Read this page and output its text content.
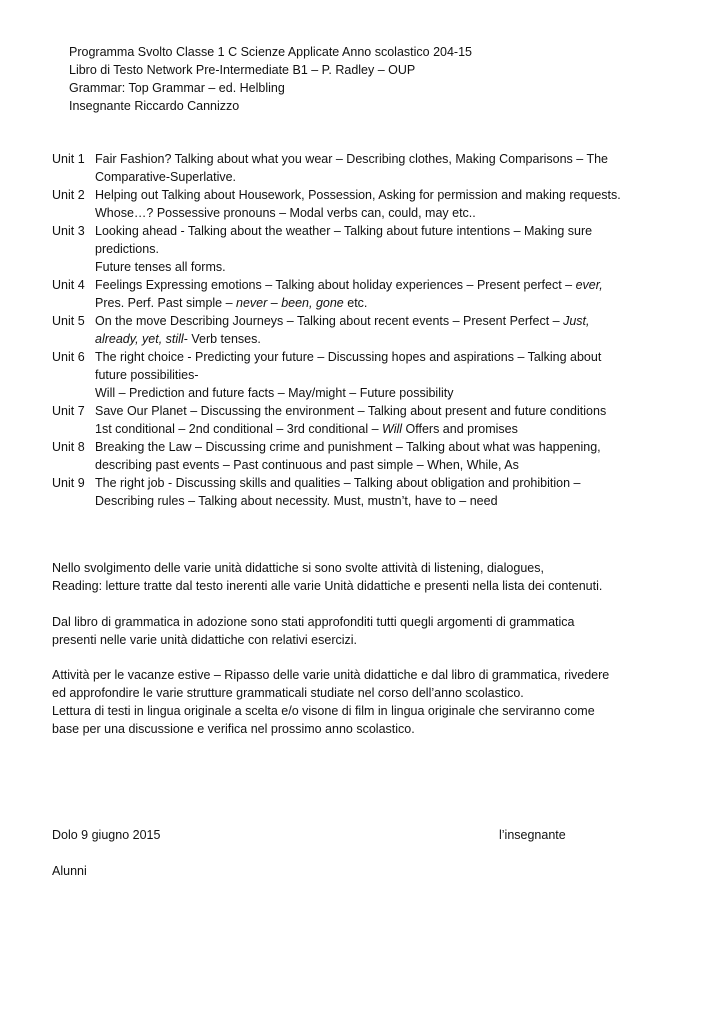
Programma Svolto Classe 1 C Scienze Applicate Anno scolastico 204-15
Libro di Testo Network Pre-Intermediate B1 – P. Radley – OUP
Grammar: Top Grammar – ed. Helbling
Insegnante Riccardo Cannizzo
Unit 1 Fair Fashion? Talking about what you wear – Describing clothes, Making Comparisons – The
Comparative-Superlative.
Unit 2 Helping out Talking about Housework, Possession, Asking for permission and making requests.
Whose…? Possessive pronouns – Modal verbs can, could, may etc..
Unit 3 Looking ahead - Talking about the weather – Talking about future intentions – Making sure
predictions.
Future tenses all forms.
Unit 4 Feelings Expressing emotions – Talking about holiday experiences – Present perfect – ever,
Pres. Perf. Past simple – never – been, gone etc.
Unit 5 On the move Describing Journeys – Talking about recent events – Present Perfect – Just,
already, yet, still- Verb tenses.
Unit 6 The right choice - Predicting your future – Discussing hopes and aspirations – Talking about
future possibilities-
Will – Prediction and future facts – May/might – Future possibility
Unit 7 Save Our Planet – Discussing the environment – Talking about present and future conditions
1st conditional – 2nd conditional – 3rd conditional – Will Offers and promises
Unit 8 Breaking the Law – Discussing crime and punishment – Talking about what was happening,
describing past events – Past continuous and past simple – When, While, As
Unit 9 The right job - Discussing skills and qualities – Talking about obligation and prohibition –
Describing rules – Talking about necessity. Must, mustn’t, have to – need
Nello svolgimento delle varie unità didattiche si sono svolte attività di listening, dialogues,
Reading: letture tratte dal testo inerenti alle varie Unità didattiche e presenti nella lista dei contenuti.
Dal libro di grammatica in adozione sono stati approfonditi tutti quegli argomenti di grammatica
presenti nelle varie unità didattiche con relativi esercizi.
Attività per le vacanze estive – Ripasso delle varie unità didattiche e dal libro di grammatica, rivedere
ed approfondire le varie strutture grammaticali studiate nel corso dell’anno scolastico.
Lettura di testi in lingua originale a scelta e/o visone di film in lingua originale che serviranno come
base per una discussione e verifica nel prossimo anno scolastico.
Dolo 9 giugno 2015	l’insegnante
Alunni
